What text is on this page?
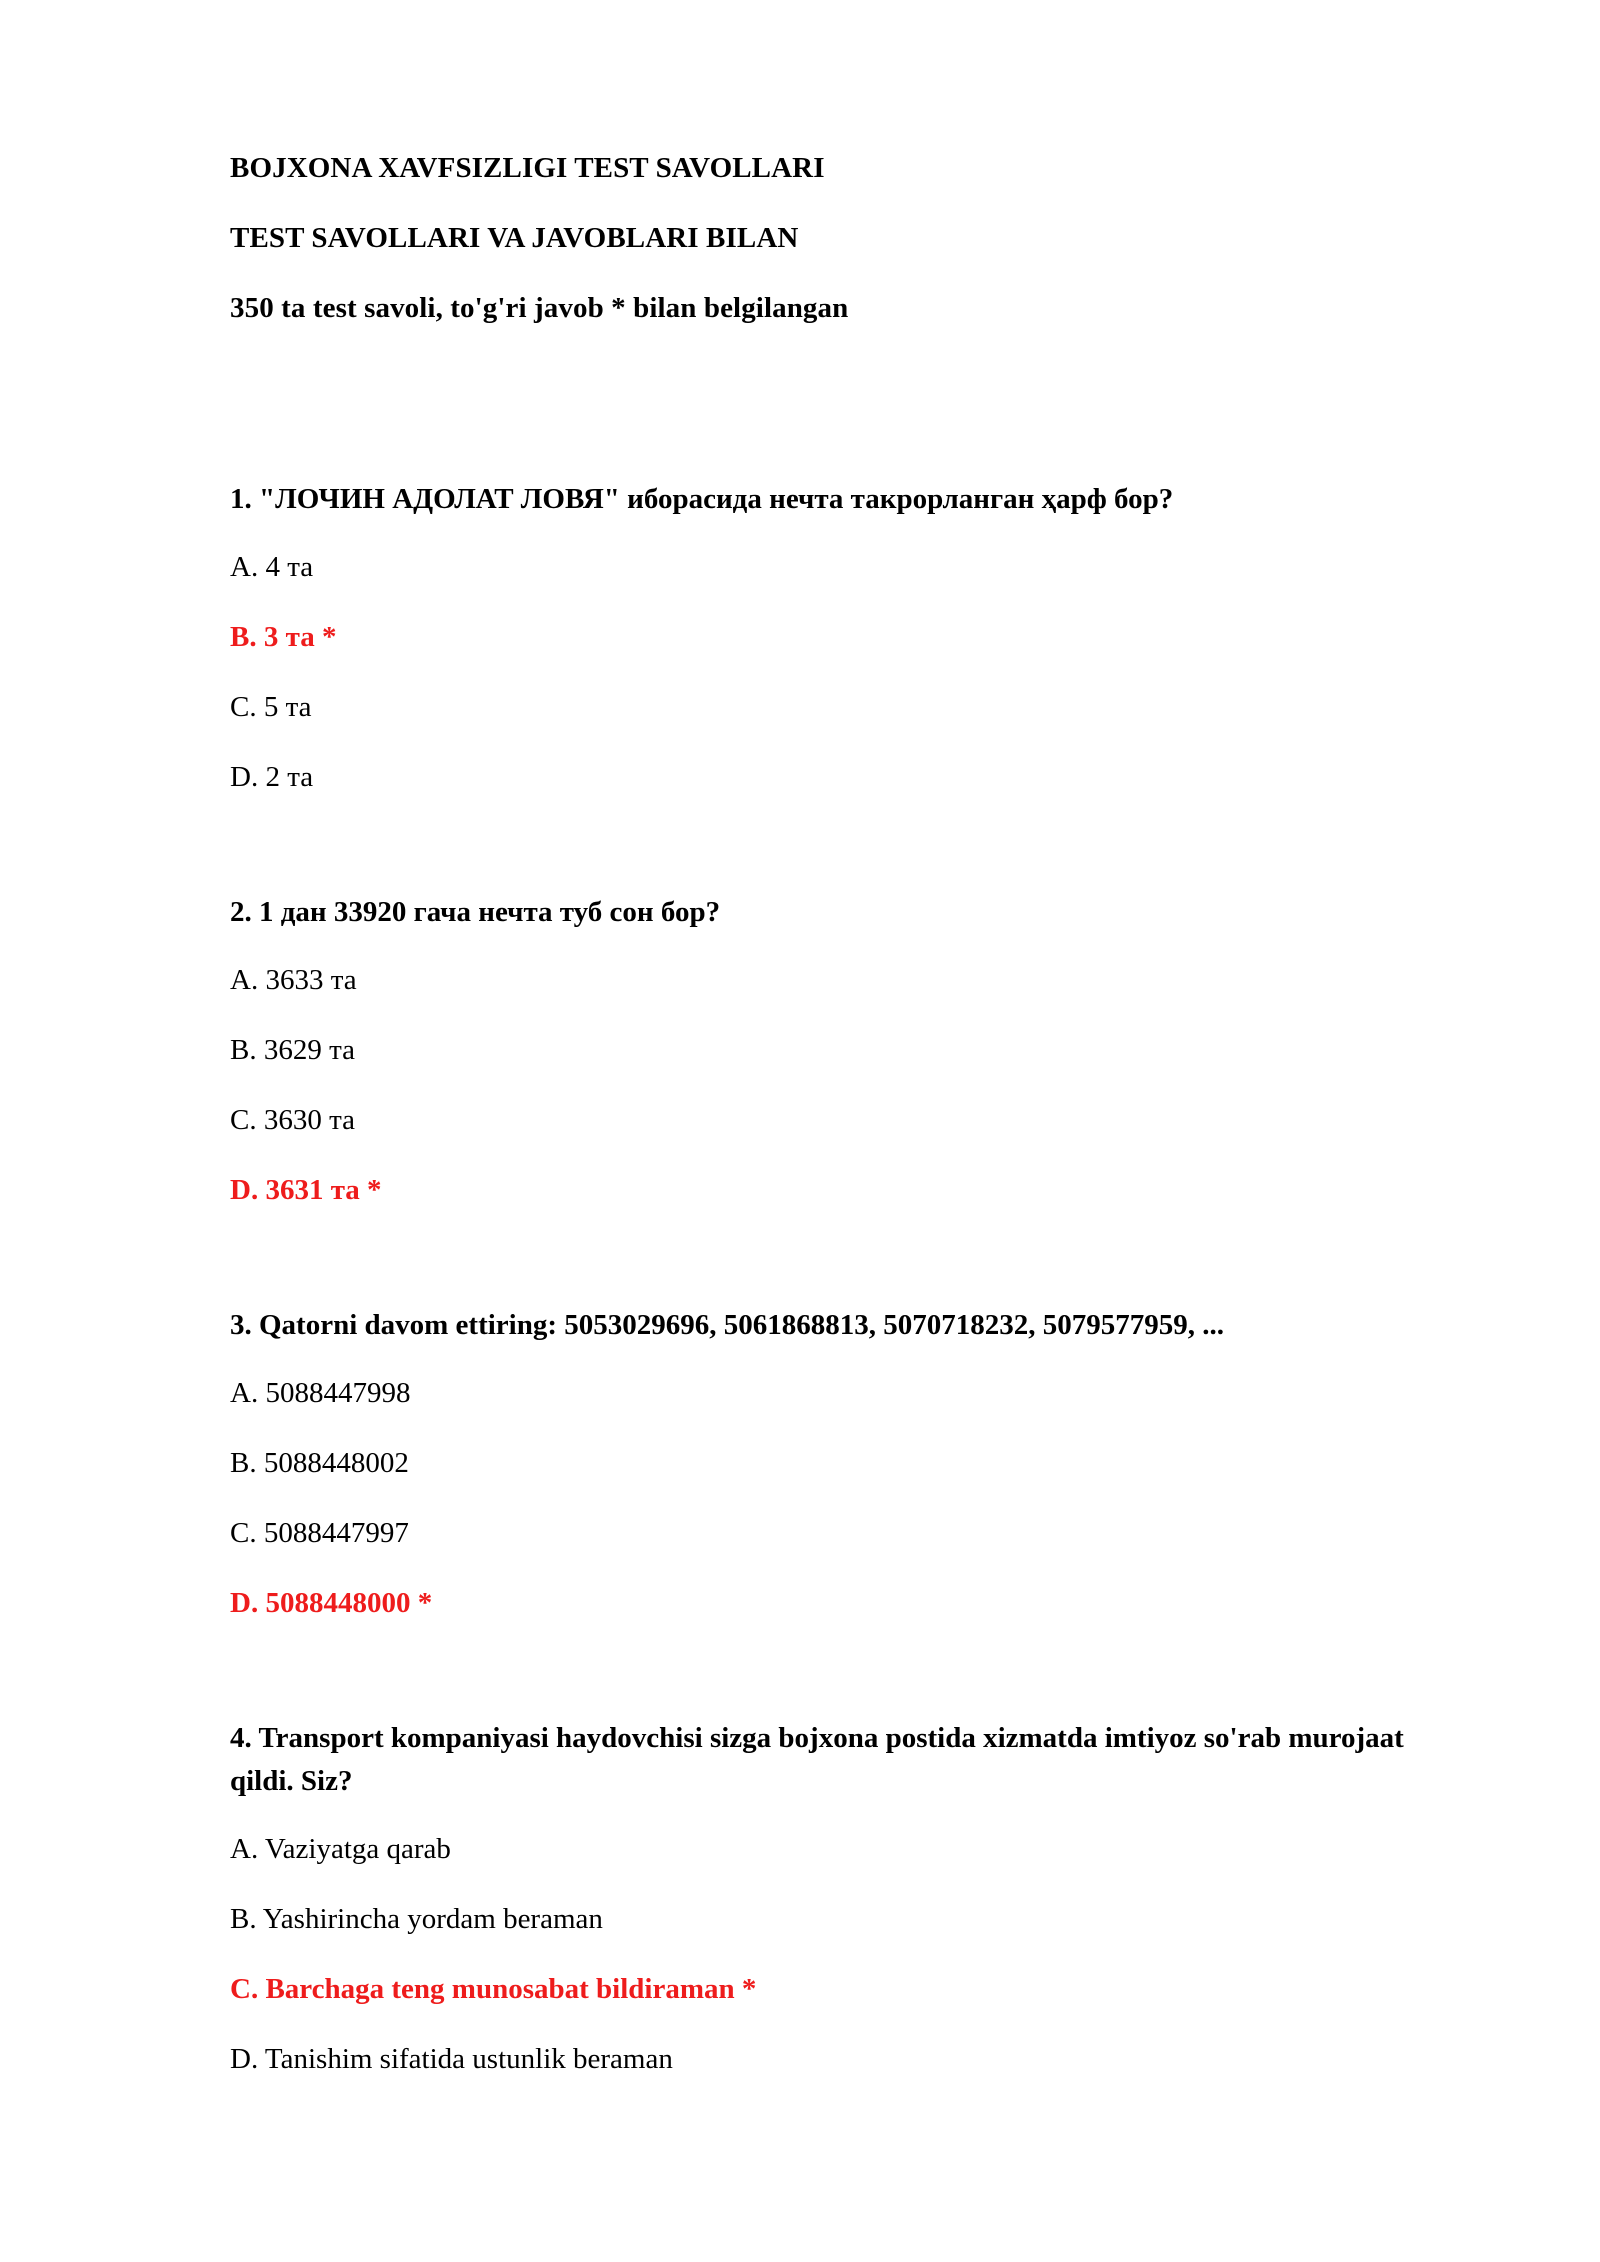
BOJXONA XAVFSIZLIGI TEST SAVOLLARI
TEST SAVOLLARI VA JAVOBLARI BILAN
350 ta test savoli, to'g'ri javob * bilan belgilangan
1. "ЛОЧИН АДОЛАТ ЛОВЯ" иборасида нечта такрорланган ҳарф бор?
A. 4 та
B. 3 та *
C. 5 та
D. 2 та
2. 1 дан 33920 гача нечта туб сон бор?
A. 3633 та
B. 3629 та
C. 3630 та
D. 3631 та *
3. Qatorni davom ettiring: 5053029696, 5061868813, 5070718232, 5079577959, ...
A. 5088447998
B. 5088448002
C. 5088447997
D. 5088448000 *
4. Transport kompaniyasi haydovchisi sizga bojxona postida xizmatda imtiyoz so'rab murojaat qildi. Siz?
A. Vaziyatga qarab
B. Yashirincha yordam beraman
C. Barchaga teng munosabat bildiraman *
D. Tanishim sifatida ustunlik beraman
